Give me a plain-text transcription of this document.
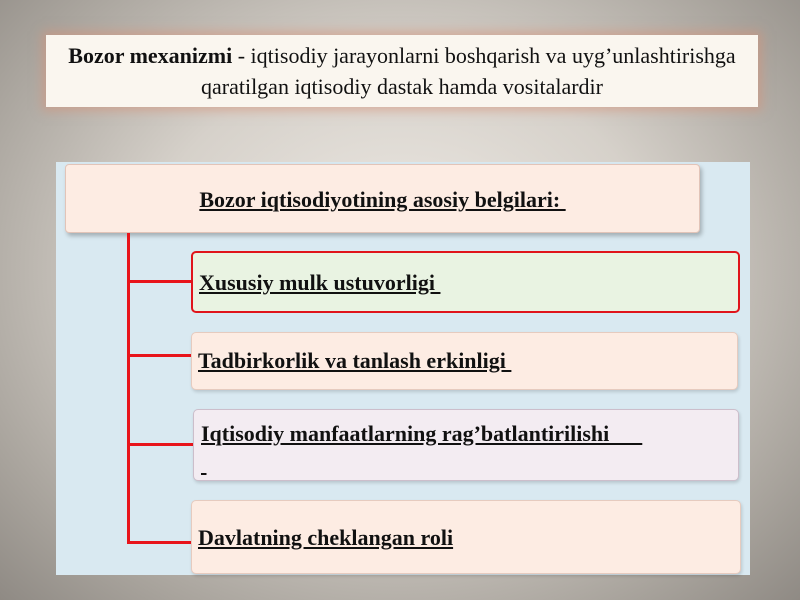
Bozor mexanizmi - iqtisodiy jarayonlarni boshqarish va uyg’unlashtirishga qaratilgan iqtisodiy dastak hamda vositalardir
Bozor iqtisodiyotining asosiy belgilari:
Xususiy mulk ustuvorligi
Tadbirkorlik va tanlash erkinligi
Iqtisodiy manfaatlarning rag’batlantirilishi

Davlatning cheklangan roli
